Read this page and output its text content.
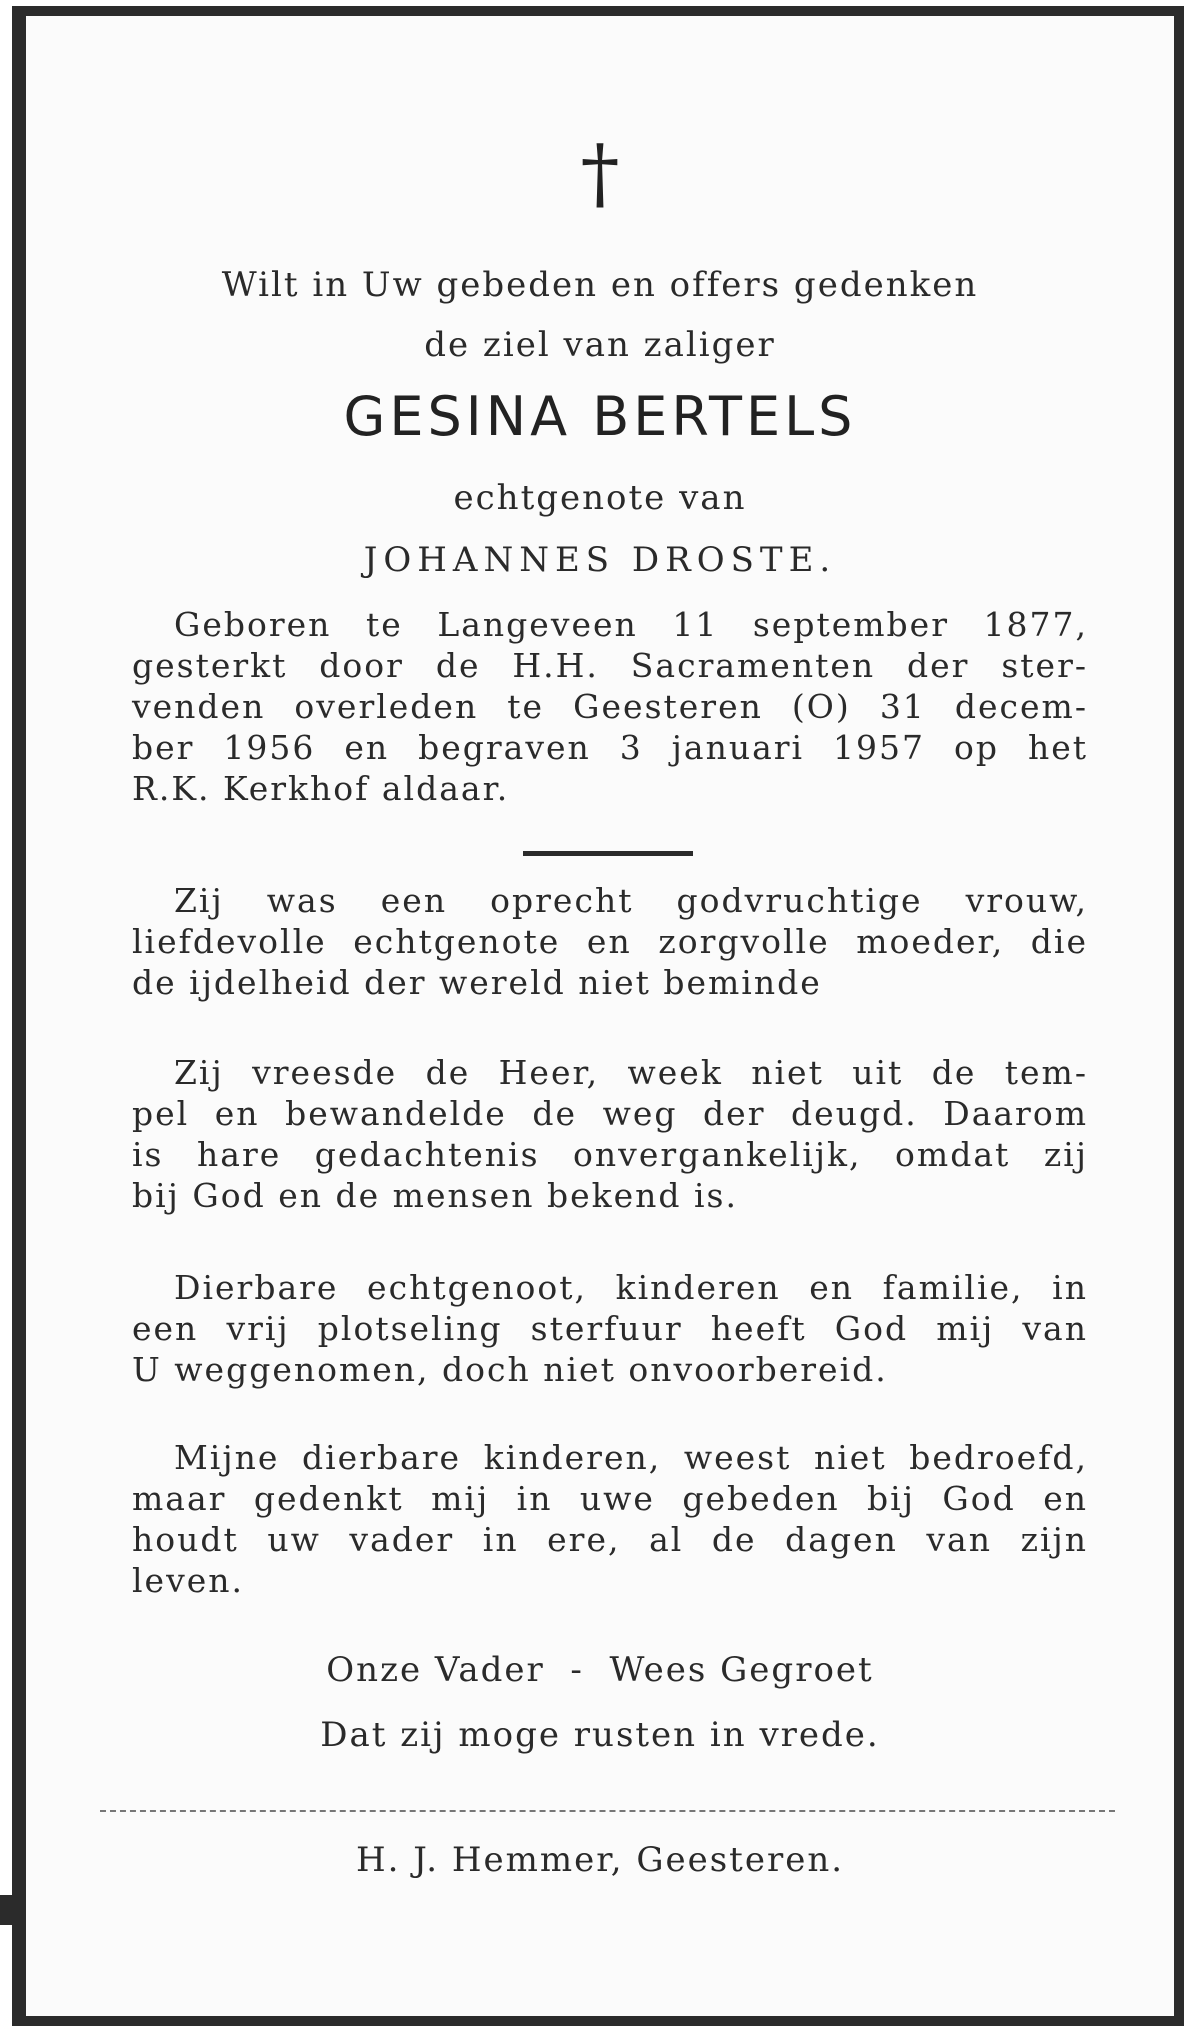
†
Wilt in Uw gebeden en offers gedenken
de ziel van zaliger
GESINA BERTELS
echtgenote van
JOHANNES DROSTE.
Geboren te Langeveen 11 september 1877,
gesterkt door de H.H. Sacramenten der ster-
venden overleden te Geesteren (O) 31 decem-
ber 1956 en begraven 3 januari 1957 op het
R.K. Kerkhof aldaar.
Zij was een oprecht godvruchtige vrouw,
liefdevolle echtgenote en zorgvolle moeder, die
de ijdelheid der wereld niet beminde
Zij vreesde de Heer, week niet uit de tem-
pel en bewandelde de weg der deugd. Daarom
is hare gedachtenis onvergankelijk, omdat zij
bij God en de mensen bekend is.
Dierbare echtgenoot, kinderen en familie, in
een vrij plotseling sterfuur heeft God mij van
U weggenomen, doch niet onvoorbereid.
Mijne dierbare kinderen, weest niet bedroefd,
maar gedenkt mij in uwe gebeden bij God en
houdt uw vader in ere, al de dagen van zijn
leven.
Onze Vader  -  Wees Gegroet
Dat zij moge rusten in vrede.
H. J. Hemmer, Geesteren.
